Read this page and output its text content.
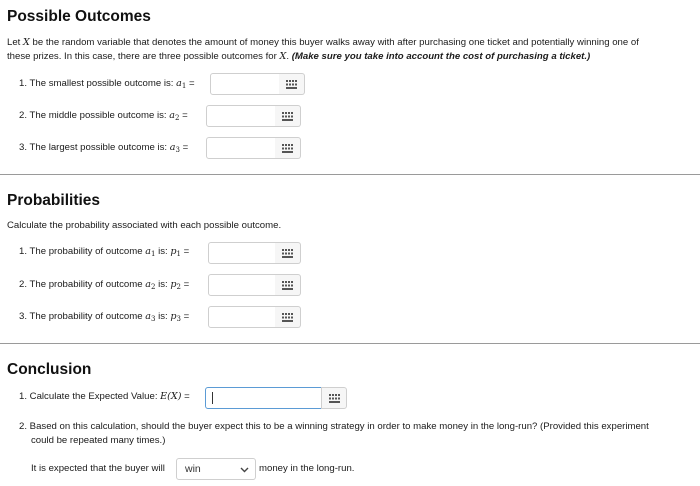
Possible Outcomes
Let X be the random variable that denotes the amount of money this buyer walks away with after purchasing one ticket and potentially winning one of
these prizes. In this case, there are three possible outcomes for X. (Make sure you take into account the cost of purchasing a ticket.)
1. The smallest possible outcome is: $a_1$ =
2. The middle possible outcome is: $a_2$ =
3. The largest possible outcome is: $a_3$ =
Probabilities
Calculate the probability associated with each possible outcome.
1. The probability of outcome $a_1$ is: $p_1$ =
2. The probability of outcome $a_2$ is: $p_2$ =
3. The probability of outcome $a_3$ is: $p_3$ =
Conclusion
1. Calculate the Expected Value: E(X) =
2. Based on this calculation, should the buyer expect this to be a winning strategy in order to make money in the long-run? (Provided this experiment
could be repeated many times.)
It is expected that the buyer will win	money in the long-run.
